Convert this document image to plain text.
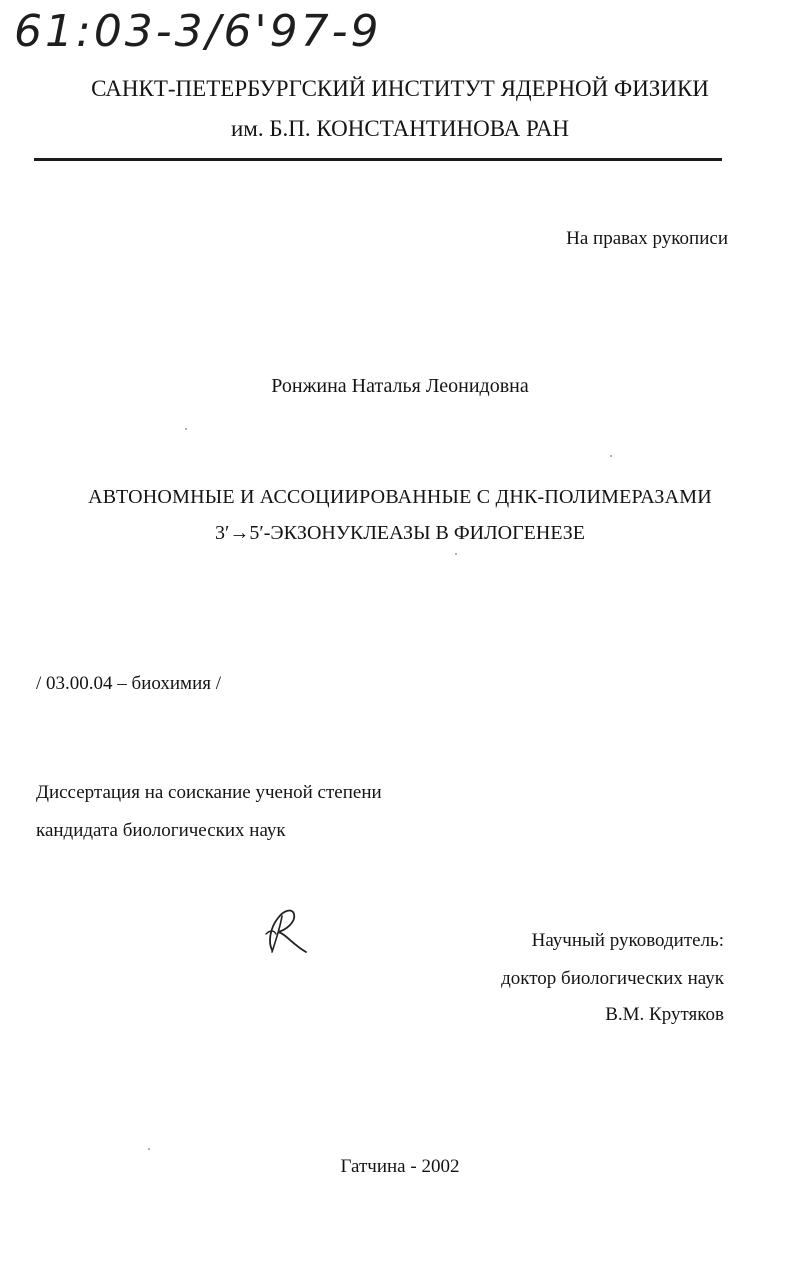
61:03-3/6'97-9
САНКТ-ПЕТЕРБУРГСКИЙ ИНСТИТУТ ЯДЕРНОЙ ФИЗИКИ
им. Б.П. КОНСТАНТИНОВА РАН
На правах рукописи
Ронжина Наталья Леонидовна
АВТОНОМНЫЕ И АССОЦИИРОВАННЫЕ С ДНК-ПОЛИМЕРАЗАМИ
3′→5′-ЭКЗОНУКЛЕАЗЫ В ФИЛОГЕНЕЗЕ
/ 03.00.04 – биохимия /
Диссертация на соискание ученой степени
кандидата биологических наук
Научный руководитель:
доктор биологических наук
В.М. Крутяков
Гатчина - 2002
